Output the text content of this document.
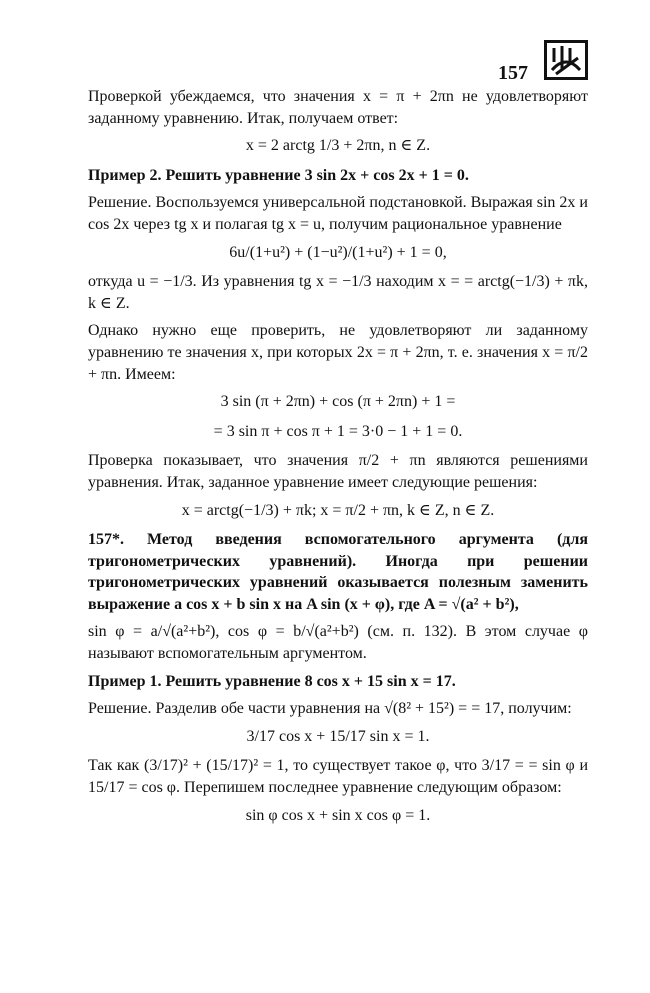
157

Проверкой убеждаемся, что значения x = π + 2πn не удовлетворяют заданному уравнению. Итак, получаем ответ:

x = 2 arctg 1/3 + 2πn, n ∈ Z.

Пример 2. Решить уравнение 3 sin 2x + cos 2x + 1 = 0.

Решение. Воспользуемся универсальной подстановкой. Выражая sin 2x и cos 2x через tg x и полагая tg x = u, получим рациональное уравнение

6u/(1+u²) + (1−u²)/(1+u²) + 1 = 0,

откуда u = −1/3. Из уравнения tg x = −1/3 находим x = = arctg(−1/3) + πk, k ∈ Z.

Однако нужно еще проверить, не удовлетворяют ли заданному уравнению те значения x, при которых 2x = π + 2πn, т. е. значения x = π/2 + πn. Имеем:

3 sin (π + 2πn) + cos (π + 2πn) + 1 =

= 3 sin π + cos π + 1 = 3·0 − 1 + 1 = 0.

Проверка показывает, что значения π/2 + πn являются решениями уравнения. Итак, заданное уравнение имеет следующие решения:

x = arctg(−1/3) + πk; x = π/2 + πn, k ∈ Z, n ∈ Z.

157*. Метод введения вспомогательного аргумента (для тригонометрических уравнений). Иногда при решении тригонометрических уравнений оказывается полезным заменить выражение a cos x + b sin x на A sin (x + φ), где A = √(a² + b²),

sin φ = a/√(a²+b²), cos φ = b/√(a²+b²) (см. п. 132). В этом случае φ называют вспомогательным аргументом.

Пример 1. Решить уравнение 8 cos x + 15 sin x = 17.

Решение. Разделив обе части уравнения на √(8² + 15²) = = 17, получим:

3/17 cos x + 15/17 sin x = 1.

Так как (3/17)² + (15/17)² = 1, то существует такое φ, что 3/17 = = sin φ и 15/17 = cos φ. Перепишем последнее уравнение следующим образом:

sin φ cos x + sin x cos φ = 1.
